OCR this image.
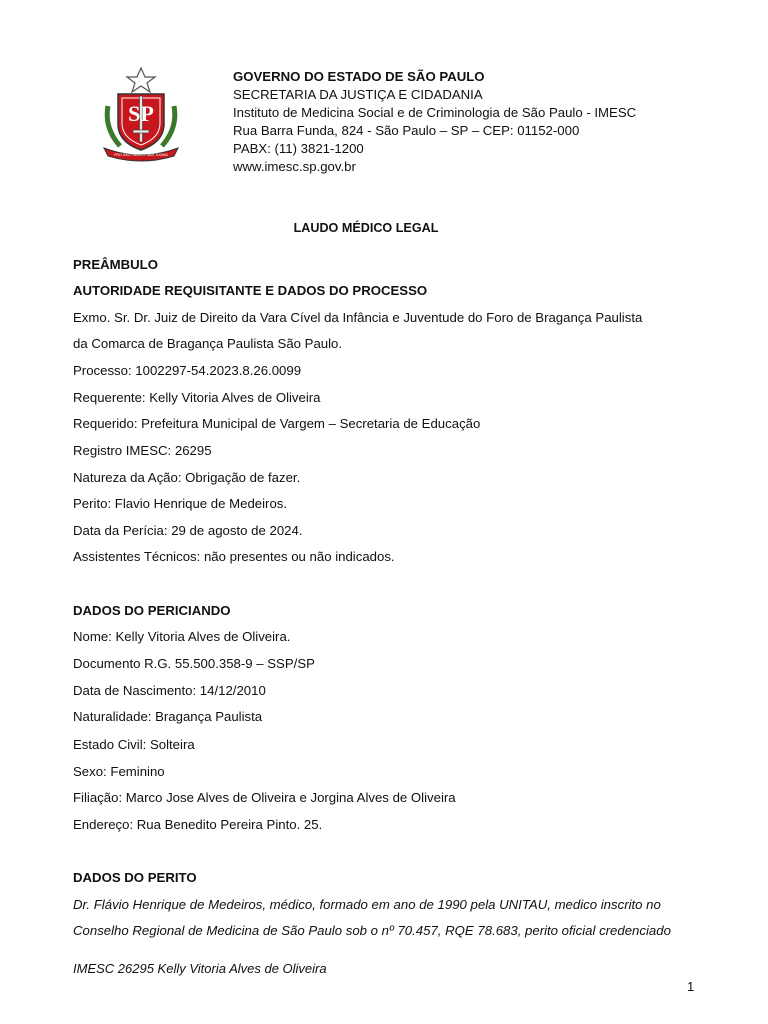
SP
PRO SÃO PAULO FIANT EXIMIA
GOVERNO DO ESTADO DE SÃO PAULO
SECRETARIA DA JUSTIÇA E CIDADANIA
Instituto de Medicina Social e de Criminologia de São Paulo - IMESC
Rua Barra Funda, 824 - São Paulo – SP – CEP: 01152-000
PABX: (11) 3821-1200
www.imesc.sp.gov.br
LAUDO MÉDICO LEGAL
PREÂMBULO
AUTORIDADE REQUISITANTE E DADOS DO PROCESSO
Exmo. Sr. Dr. Juiz de Direito da Vara Cível da Infância e Juventude do Foro de Bragança Paulista
da Comarca de Bragança Paulista São Paulo.
Processo: 1002297-54.2023.8.26.0099
Requerente: Kelly Vitoria Alves de Oliveira
Requerido: Prefeitura Municipal de Vargem – Secretaria de Educação
Registro IMESC: 26295
Natureza da Ação: Obrigação de fazer.
Perito: Flavio Henrique de Medeiros.
Data da Perícia: 29 de agosto de 2024.
Assistentes Técnicos: não presentes ou não indicados.
DADOS DO PERICIANDO
Nome: Kelly Vitoria Alves de Oliveira.
Documento R.G. 55.500.358-9 – SSP/SP
Data de Nascimento: 14/12/2010
Naturalidade: Bragança Paulista
Estado Civil: Solteira
Sexo: Feminino
Filiação: Marco Jose Alves de Oliveira e Jorgina Alves de Oliveira
Endereço: Rua Benedito Pereira Pinto. 25.
DADOS DO PERITO
Dr. Flávio Henrique de Medeiros, médico, formado em ano de 1990 pela UNITAU, medico inscrito no
Conselho Regional de Medicina de São Paulo sob o nº 70.457, RQE 78.683, perito oficial credenciado
IMESC 26295 Kelly Vitoria Alves de Oliveira
1
